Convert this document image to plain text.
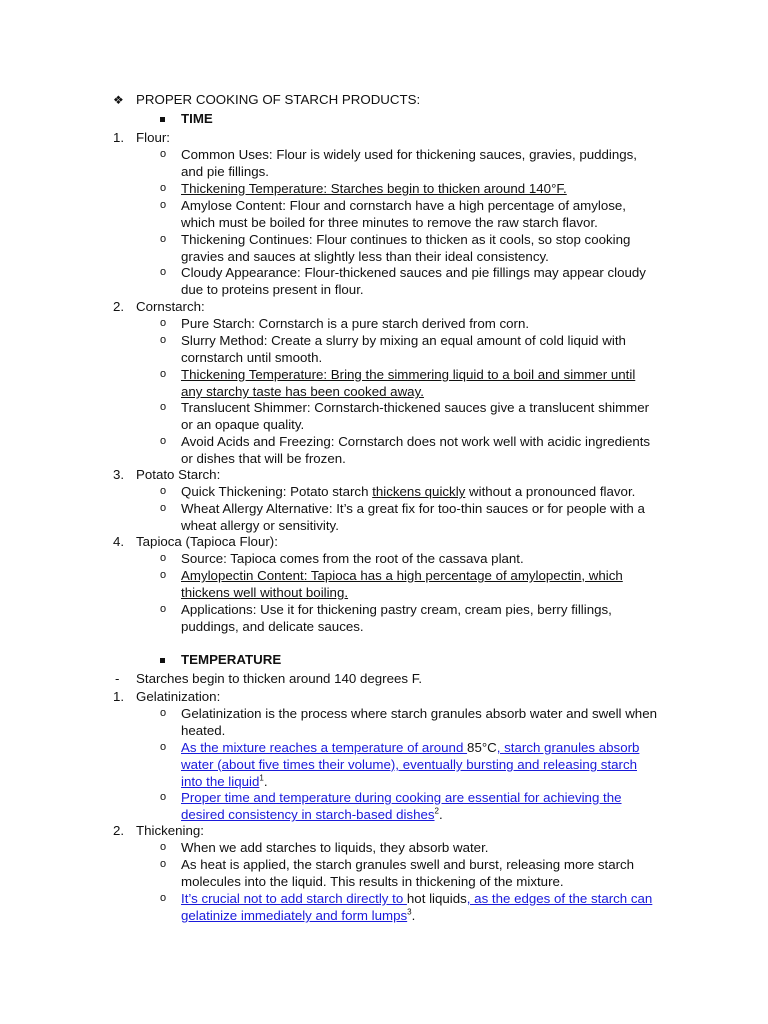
❖ PROPER COOKING OF STARCH PRODUCTS:
TIME
1. Flour:
o Common Uses: Flour is widely used for thickening sauces, gravies, puddings,
and pie fillings.
o Thickening Temperature: Starches begin to thicken around 140°F.
o Amylose Content: Flour and cornstarch have a high percentage of amylose,
which must be boiled for three minutes to remove the raw starch flavor.
o Thickening Continues: Flour continues to thicken as it cools, so stop cooking
gravies and sauces at slightly less than their ideal consistency.
o Cloudy Appearance: Flour-thickened sauces and pie fillings may appear cloudy
due to proteins present in flour.
2. Cornstarch:
o Pure Starch: Cornstarch is a pure starch derived from corn.
o Slurry Method: Create a slurry by mixing an equal amount of cold liquid with
cornstarch until smooth.
o Thickening Temperature: Bring the simmering liquid to a boil and simmer until
any starchy taste has been cooked away.
o Translucent Shimmer: Cornstarch-thickened sauces give a translucent shimmer
or an opaque quality.
o Avoid Acids and Freezing: Cornstarch does not work well with acidic ingredients
or dishes that will be frozen.
3. Potato Starch:
o Quick Thickening: Potato starch thickens quickly without a pronounced flavor.
o Wheat Allergy Alternative: It’s a great fix for too-thin sauces or for people with a
wheat allergy or sensitivity.
4. Tapioca (Tapioca Flour):
o Source: Tapioca comes from the root of the cassava plant.
o Amylopectin Content: Tapioca has a high percentage of amylopectin, which
thickens well without boiling.
o Applications: Use it for thickening pastry cream, cream pies, berry fillings,
puddings, and delicate sauces.
TEMPERATURE
- Starches begin to thicken around 140 degrees F.
1. Gelatinization:
o Gelatinization is the process where starch granules absorb water and swell when
heated.
o As the mixture reaches a temperature of around 85°C, starch granules absorb
water (about five times their volume), eventually bursting and releasing starch
into the liquid$^1$.
o Proper time and temperature during cooking are essential for achieving the
desired consistency in starch-based dishes$^2$.
2. Thickening:
o When we add starches to liquids, they absorb water.
o As heat is applied, the starch granules swell and burst, releasing more starch
molecules into the liquid. This results in thickening of the mixture.
o It’s crucial not to add starch directly to hot liquids, as the edges of the starch can
gelatinize immediately and form lumps$^3$.
